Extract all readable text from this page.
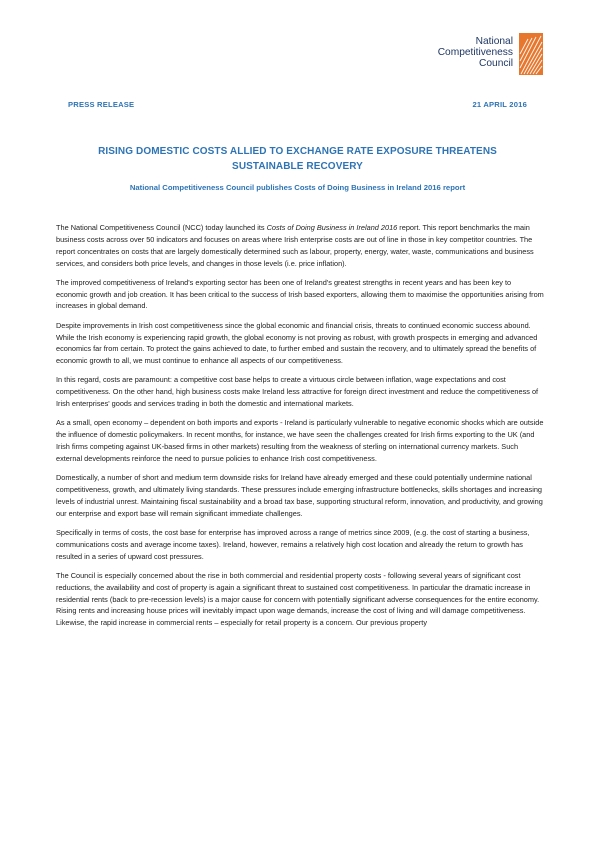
National
Competitiveness
Council
PRESS RELEASE	21 APRIL 2016
RISING DOMESTIC COSTS ALLIED TO EXCHANGE RATE EXPOSURE THREATENS
SUSTAINABLE RECOVERY
National Competitiveness Council publishes Costs of Doing Business in Ireland 2016 report

The National Competitiveness Council (NCC) today launched its Costs of Doing Business in Ireland 2016 report. This report benchmarks the main business costs across over 50 indicators and focuses on areas where Irish enterprise costs are out of line in those in key competitor countries. The report concentrates on costs that are largely domestically determined such as labour, property, energy, water, waste, communications and business services, and considers both price levels, and changes in those levels (i.e. price inflation).

The improved competitiveness of Ireland's exporting sector has been one of Ireland's greatest strengths in recent years and has been key to economic growth and job creation. It has been critical to the success of Irish based exporters, allowing them to maximise the opportunities arising from increases in global demand.

Despite improvements in Irish cost competitiveness since the global economic and financial crisis, threats to continued economic success abound. While the Irish economy is experiencing rapid growth, the global economy is not proving as robust, with growth prospects in emerging and advanced economics far from certain. To protect the gains achieved to date, to further embed and sustain the recovery, and to ultimately spread the benefits of economic growth to all, we must continue to enhance all aspects of our competitiveness.

In this regard, costs are paramount: a competitive cost base helps to create a virtuous circle between inflation, wage expectations and cost competitiveness. On the other hand, high business costs make Ireland less attractive for foreign direct investment and reduce the competitiveness of Irish enterprises' goods and services trading in both the domestic and international markets.

As a small, open economy – dependent on both imports and exports - Ireland is particularly vulnerable to negative economic shocks which are outside the influence of domestic policymakers. In recent months, for instance, we have seen the challenges created for Irish firms exporting to the UK (and Irish firms competing against UK-based firms in other markets) resulting from the weakness of sterling on international currency markets. Such external developments reinforce the need to pursue policies to enhance Irish cost competitiveness.

Domestically, a number of short and medium term downside risks for Ireland have already emerged and these could potentially undermine national competitiveness, growth, and ultimately living standards. These pressures include emerging infrastructure bottlenecks, skills shortages and increasing levels of industrial unrest. Maintaining fiscal sustainability and a broad tax base, supporting structural reform, innovation, and productivity, and growing our enterprise and export base will remain significant immediate challenges.

Specifically in terms of costs, the cost base for enterprise has improved across a range of metrics since 2009, (e.g. the cost of starting a business, communications costs and average income taxes). Ireland, however, remains a relatively high cost location and already the return to growth has resulted in a series of upward cost pressures.

The Council is especially concerned about the rise in both commercial and residential property costs - following several years of significant cost reductions, the availability and cost of property is again a significant threat to sustained cost competitiveness. In particular the dramatic increase in residential rents (back to pre-recession levels) is a major cause for concern with potentially significant adverse consequences for the entire economy. Rising rents and increasing house prices will inevitably impact upon wage demands, increase the cost of living and will damage competitiveness. Likewise, the rapid increase in commercial rents – especially for retail property is a concern. Our previous property
